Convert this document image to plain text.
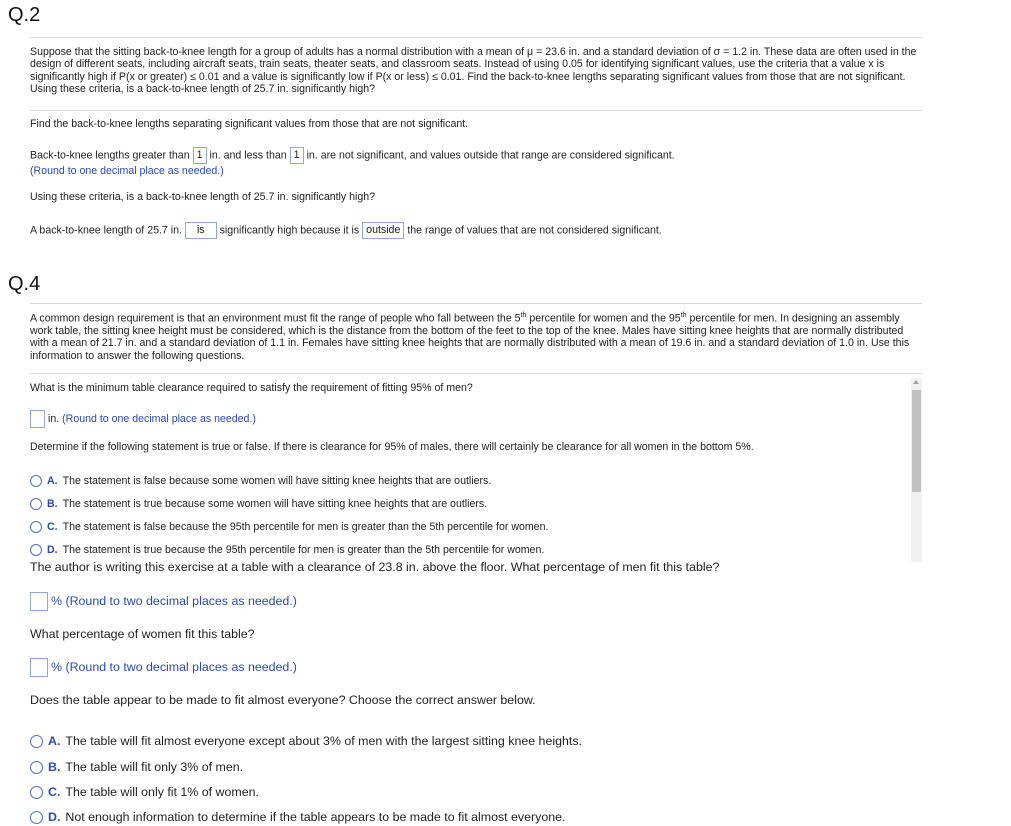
Q.2
Suppose that the sitting back-to-knee length for a group of adults has a normal distribution with a mean of μ = 23.6 in. and a standard deviation of σ = 1.2 in. These data are often used in the design of different seats, including aircraft seats, train seats, theater seats, and classroom seats. Instead of using 0.05 for identifying significant values, use the criteria that a value x is significantly high if P(x or greater) ≤ 0.01 and a value is significantly low if P(x or less) ≤ 0.01. Find the back-to-knee lengths separating significant values from those that are not significant. Using these criteria, is a back-to-knee length of 25.7 in. significantly high?
Find the back-to-knee lengths separating significant values from those that are not significant.
Back-to-knee lengths greater than 1 in. and less than 1 in. are not significant, and values outside that range are considered significant.
(Round to one decimal place as needed.)
Using these criteria, is a back-to-knee length of 25.7 in. significantly high?
A back-to-knee length of 25.7 in. is significantly high because it is outside the range of values that are not considered significant.
Q.4
A common design requirement is that an environment must fit the range of people who fall between the 5th percentile for women and the 95th percentile for men. In designing an assembly work table, the sitting knee height must be considered, which is the distance from the bottom of the feet to the top of the knee. Males have sitting knee heights that are normally distributed with a mean of 21.7 in. and a standard deviation of 1.1 in. Females have sitting knee heights that are normally distributed with a mean of 19.6 in. and a standard deviation of 1.0 in. Use this information to answer the following questions.
What is the minimum table clearance required to satisfy the requirement of fitting 95% of men?
in. (Round to one decimal place as needed.)
Determine if the following statement is true or false. If there is clearance for 95% of males, there will certainly be clearance for all women in the bottom 5%.
A. The statement is false because some women will have sitting knee heights that are outliers.
B. The statement is true because some women will have sitting knee heights that are outliers.
C. The statement is false because the 95th percentile for men is greater than the 5th percentile for women.
D. The statement is true because the 95th percentile for men is greater than the 5th percentile for women.
The author is writing this exercise at a table with a clearance of 23.8 in. above the floor. What percentage of men fit this table?
% (Round to two decimal places as needed.)
What percentage of women fit this table?
% (Round to two decimal places as needed.)
Does the table appear to be made to fit almost everyone? Choose the correct answer below.
A. The table will fit almost everyone except about 3% of men with the largest sitting knee heights.
B. The table will fit only 3% of men.
C. The table will only fit 1% of women.
D. Not enough information to determine if the table appears to be made to fit almost everyone.
